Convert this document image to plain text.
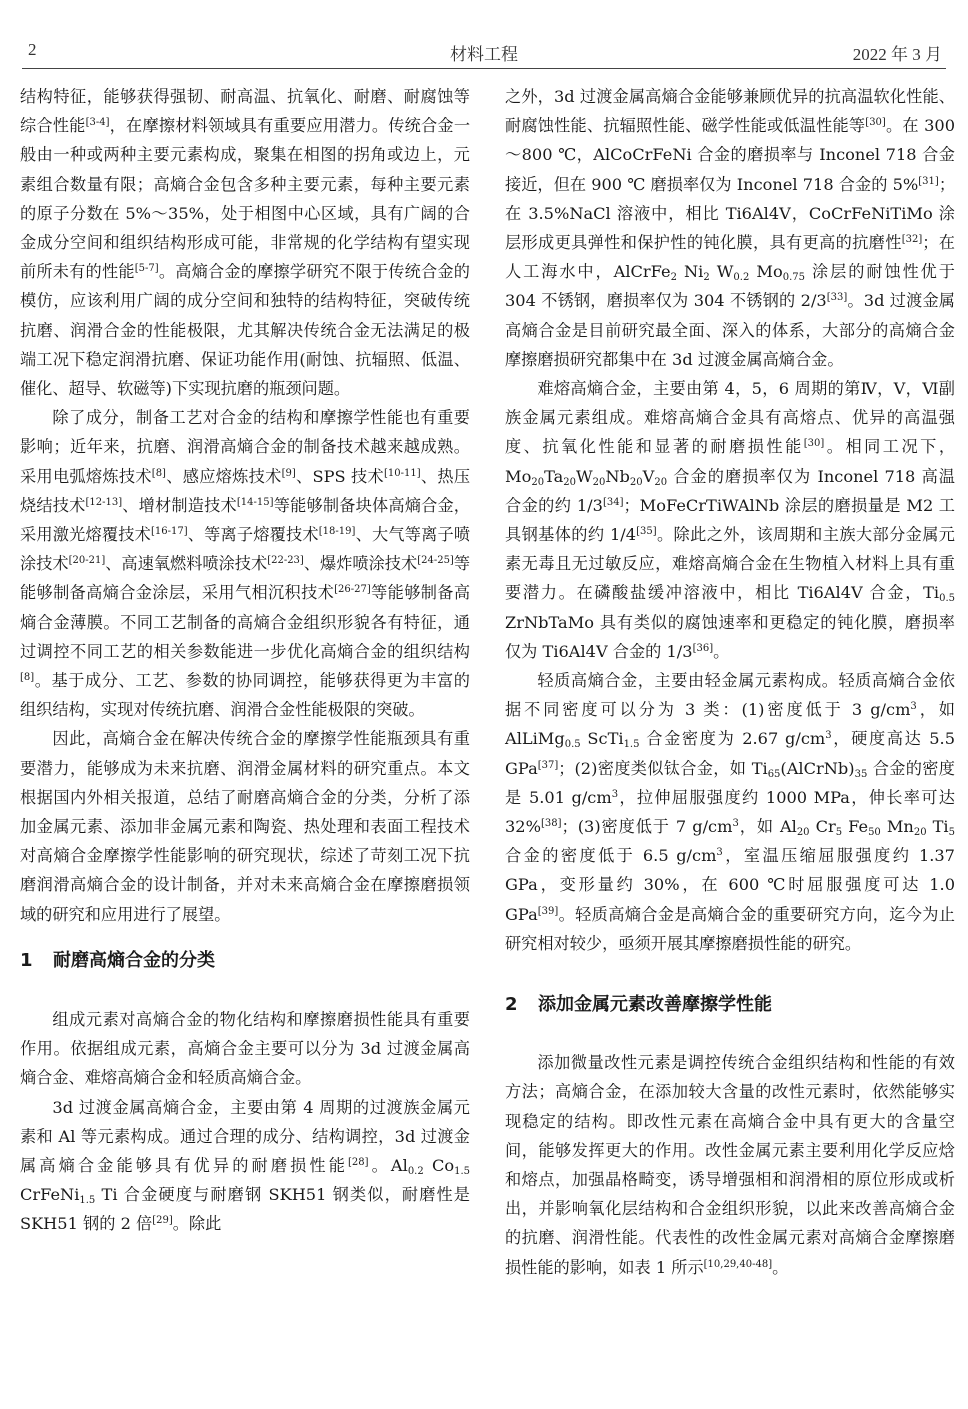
2	材料工程	2022 年 3 月

结构特征，能够获得强韧、耐高温、抗氧化、耐磨、耐腐蚀等综合性能[3-4]，在摩擦材料领域具有重要应用潜力。传统合金一般由一种或两种主要元素构成，聚集在相图的拐角或边上，元素组合数量有限；高熵合金包含多种主要元素，每种主要元素的原子分数在 5%～35%，处于相图中心区域，具有广阔的合金成分空间和组织结构形成可能，非常规的化学结构有望实现前所未有的性能[5-7]。高熵合金的摩擦学研究不限于传统合金的模仿，应该利用广阔的成分空间和独特的结构特征，突破传统抗磨、润滑合金的性能极限，尤其解决传统合金无法满足的极端工况下稳定润滑抗磨、保证功能作用(耐蚀、抗辐照、低温、催化、超导、软磁等)下实现抗磨的瓶颈问题。

除了成分，制备工艺对合金的结构和摩擦学性能也有重要影响；近年来，抗磨、润滑高熵合金的制备技术越来越成熟。采用电弧熔炼技术[8]、感应熔炼技术[9]、SPS 技术[10-11]、热压烧结技术[12-13]、增材制造技术[14-15]等能够制备块体高熵合金，采用激光熔覆技术[16-17]、等离子熔覆技术[18-19]、大气等离子喷涂技术[20-21]、高速氧燃料喷涂技术[22-23]、爆炸喷涂技术[24-25]等能够制备高熵合金涂层，采用气相沉积技术[26-27]等能够制备高熵合金薄膜。不同工艺制备的高熵合金组织形貌各有特征，通过调控不同工艺的相关参数能进一步优化高熵合金的组织结构[8]。基于成分、工艺、参数的协同调控，能够获得更为丰富的组织结构，实现对传统抗磨、润滑合金性能极限的突破。

因此，高熵合金在解决传统合金的摩擦学性能瓶颈具有重要潜力，能够成为未来抗磨、润滑金属材料的研究重点。本文根据国内外相关报道，总结了耐磨高熵合金的分类，分析了添加金属元素、添加非金属元素和陶瓷、热处理和表面工程技术对高熵合金摩擦学性能影响的研究现状，综述了苛刻工况下抗磨润滑高熵合金的设计制备，并对未来高熵合金在摩擦磨损领域的研究和应用进行了展望。

1 耐磨高熵合金的分类

组成元素对高熵合金的物化结构和摩擦磨损性能具有重要作用。依据组成元素，高熵合金主要可以分为 3d 过渡金属高熵合金、难熔高熵合金和轻质高熵合金。

3d 过渡金属高熵合金，主要由第 4 周期的过渡族金属元素和 Al 等元素构成。通过合理的成分、结构调控，3d 过渡金属高熵合金能够具有优异的耐磨损性能[28]。$Al_{0.2}$ $Co_{1.5}$ CrFeNi$_{1.5}$ Ti 合金硬度与耐磨钢 SKH51 钢类似，耐磨性是 SKH51 钢的 2 倍[29]。除此

之外，3d 过渡金属高熵合金能够兼顾优异的抗高温软化性能、耐腐蚀性能、抗辐照性能、磁学性能或低温性能等[30]。在 300～800 ℃，AlCoCrFeNi 合金的磨损率与 Inconel 718 合金接近，但在 900 ℃ 磨损率仅为 Inconel 718 合金的 5%[31]；在 3.5%NaCl 溶液中，相比 Ti6Al4V，CoCrFeNiTiMo 涂层形成更具弹性和保护性的钝化膜，具有更高的抗磨性[32]；在人工海水中，AlCrFe$_2$ $Ni_2$ $W_{0.2}$ $Mo_{0.75}$ 涂层的耐蚀性优于 304 不锈钢，磨损率仅为 304 不锈钢的 2/3[33]。3d 过渡金属高熵合金是目前研究最全面、深入的体系，大部分的高熵合金摩擦磨损研究都集中在 3d 过渡金属高熵合金。

难熔高熵合金，主要由第 4，5，6 周期的第Ⅳ，Ⅴ，Ⅵ副族金属元素组成。难熔高熵合金具有高熔点、优异的高温强度、抗氧化性能和显著的耐磨损性能[30]。相同工况下，$Mo_{20}Ta_{20}W_{20}Nb_{20}V_{20}$ 合金的磨损率仅为 Inconel 718 高温合金的约 1/3[34]；MoFeCrTiWAlNb 涂层的磨损量是 M2 工具钢基体的约 1/4[35]。除此之外，该周期和主族大部分金属元素无毒且无过敏反应，难熔高熵合金在生物植入材料上具有重要潜力。在磷酸盐缓冲溶液中，相比 Ti6Al4V 合金，$Ti_{0.5}$ ZrNbTaMo 具有类似的腐蚀速率和更稳定的钝化膜，磨损率仅为 Ti6Al4V 合金的 1/3[36]。

轻质高熵合金，主要由轻金属元素构成。轻质高熵合金依据不同密度可以分为 3 类：(1)密度低于 3 $g/cm^3$，如 AlLiMg$_{0.5}$ ScTi$_{1.5}$ 合金密度为 2.67 $g/cm^3$，硬度高达 5.5 GPa[37]；(2)密度类似钛合金，如 $Ti_{65}(AlCrNb)_{35}$ 合金的密度是 5.01 $g/cm^3$，拉伸屈服强度约 1000 MPa，伸长率可达 32%[38]；(3)密度低于 7 $g/cm^3$，如 $Al_{20}$ $Cr_5$ $Fe_{50}$ $Mn_{20}$ $Ti_5$ 合金的密度低于 6.5 $g/cm^3$，室温压缩屈服强度约 1.37 GPa，变形量约 30%，在 600 ℃时屈服强度可达 1.0 GPa[39]。轻质高熵合金是高熵合金的重要研究方向，迄今为止研究相对较少，亟须开展其摩擦磨损性能的研究。

2 添加金属元素改善摩擦学性能

添加微量改性元素是调控传统合金组织结构和性能的有效方法；高熵合金，在添加较大含量的改性元素时，依然能够实现稳定的结构。即改性元素在高熵合金中具有更大的含量空间，能够发挥更大的作用。改性金属元素主要利用化学反应焓和熔点，加强晶格畸变，诱导增强相和润滑相的原位形成或析出，并影响氧化层结构和合金组织形貌，以此来改善高熵合金的抗磨、润滑性能。代表性的改性金属元素对高熵合金摩擦磨损性能的影响，如表 1 所示[10,29,40-48]。
